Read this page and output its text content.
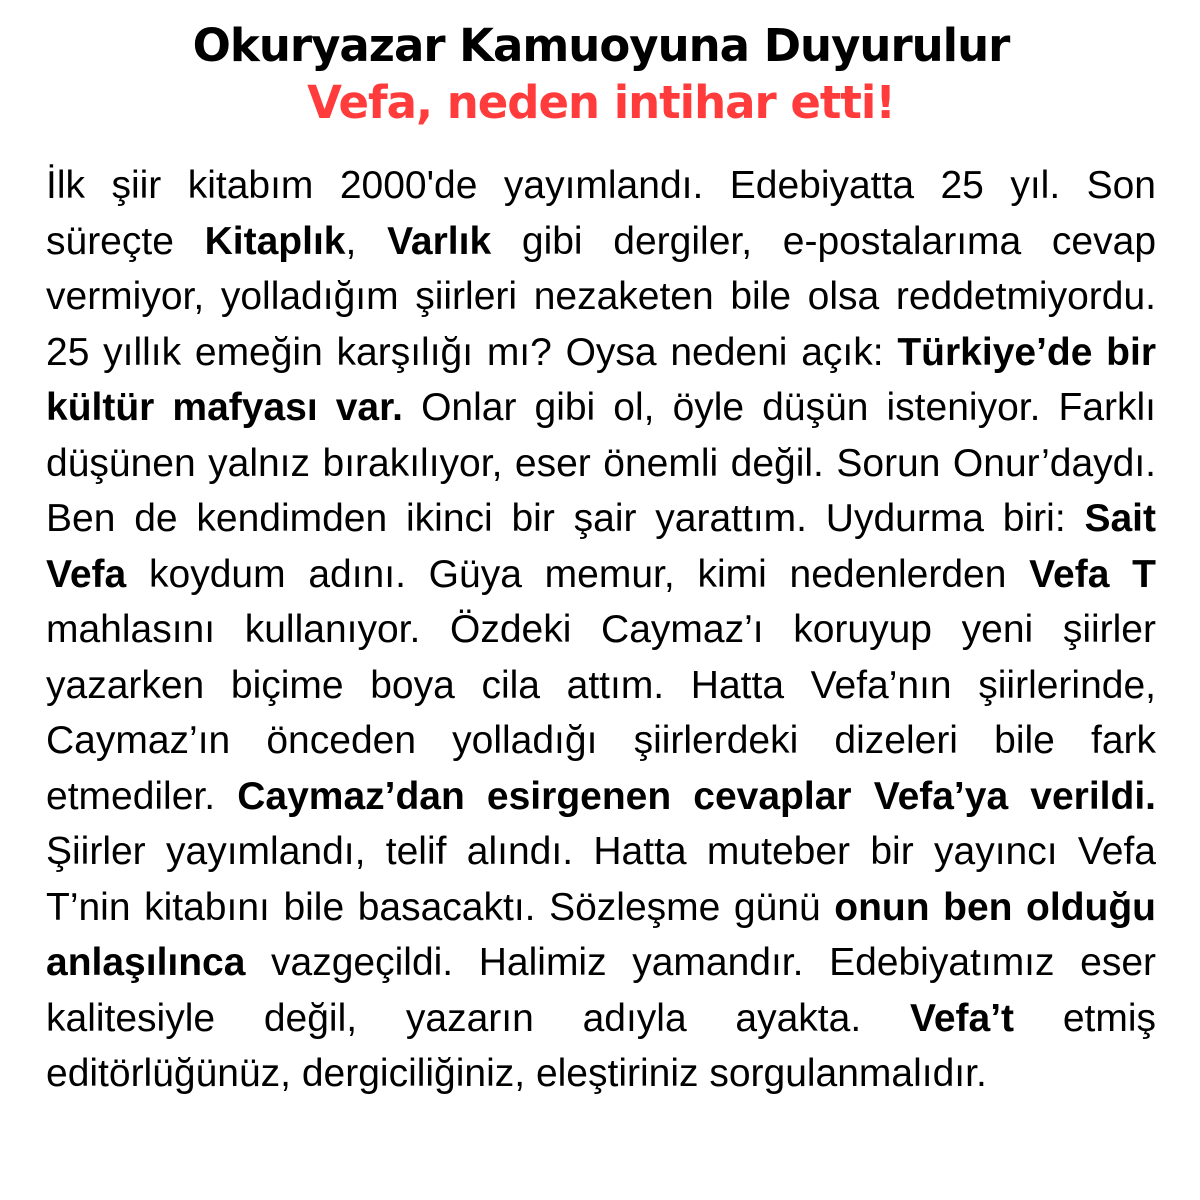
Okuryazar Kamuoyuna Duyurulur
Vefa, neden intihar etti!

İlk şiir kitabım 2000'de yayımlandı. Edebiyatta 25 yıl. Son süreçte Kitaplık, Varlık gibi dergiler, e-postalarıma cevap vermiyor, yolladığım şiirleri nezaketen bile olsa reddetmiyordu. 25 yıllık emeğin karşılığı mı? Oysa nedeni açık: Türkiye’de bir kültür mafyası var. Onlar gibi ol, öyle düşün isteniyor. Farklı düşünen yalnız bırakılıyor, eser önemli değil. Sorun Onur’daydı. Ben de kendimden ikinci bir şair yarattım. Uydurma biri: Sait Vefa koydum adını. Güya memur, kimi nedenlerden Vefa T mahlasını kullanıyor. Özdeki Caymaz’ı koruyup yeni şiirler yazarken biçime boya cila attım. Hatta Vefa’nın şiirlerinde, Caymaz’ın önceden yolladığı şiirlerdeki dizeleri bile fark etmediler. Caymaz’dan esirgenen cevaplar Vefa’ya verildi. Şiirler yayımlandı, telif alındı. Hatta muteber bir yayıncı Vefa T’nin kitabını bile basacaktı. Sözleşme günü onun ben olduğu anlaşılınca vazgeçildi. Halimiz yamandır. Edebiyatımız eser kalitesiyle değil, yazarın adıyla ayakta. Vefa’t etmiş editörlüğünüz, dergiciliğiniz, eleştiriniz sorgulanmalıdır.
